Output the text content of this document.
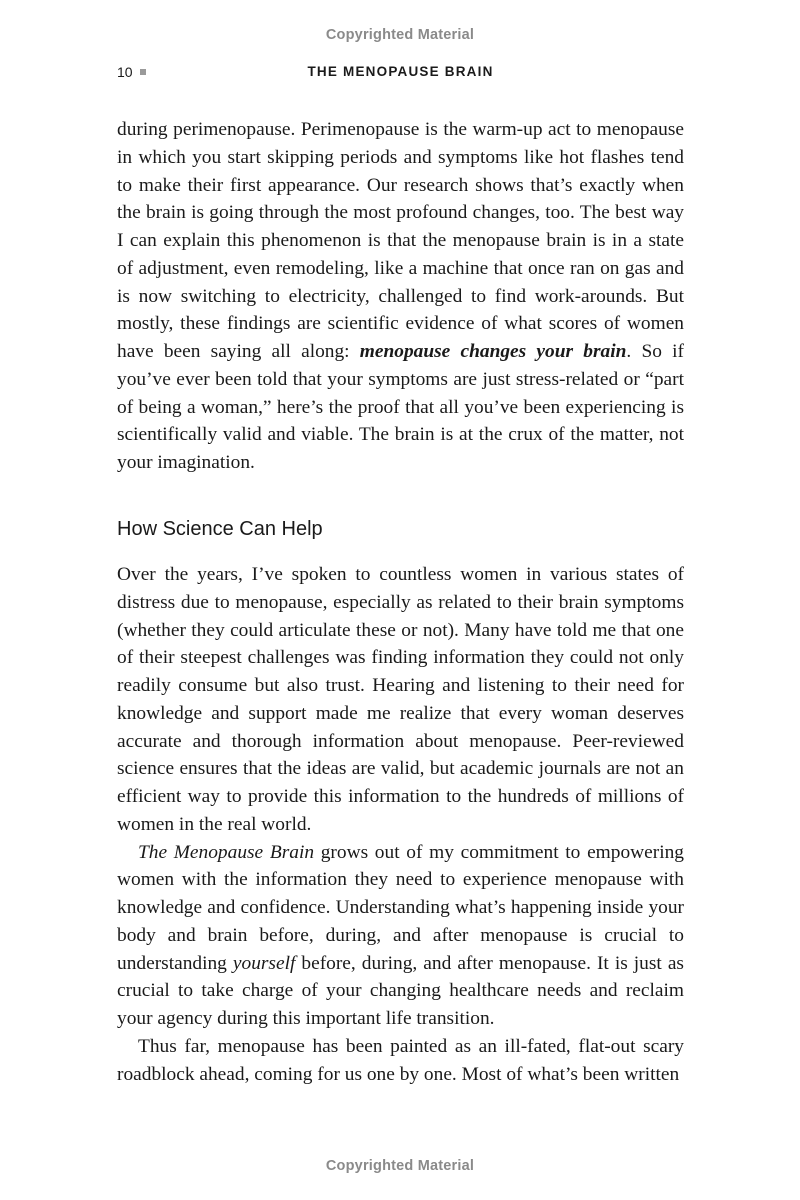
Copyrighted Material
10	THE MENOPAUSE BRAIN

during perimenopause. Perimenopause is the warm-up act to menopause in which you start skipping periods and symptoms like hot flashes tend to make their first appearance. Our research shows that’s exactly when the brain is going through the most profound changes, too. The best way I can explain this phenomenon is that the menopause brain is in a state of adjustment, even remodeling, like a machine that once ran on gas and is now switching to electricity, challenged to find work-arounds. But mostly, these findings are scientific evidence of what scores of women have been saying all along: menopause changes your brain. So if you’ve ever been told that your symptoms are just stress-related or “part of being a woman,” here’s the proof that all you’ve been experiencing is scientifically valid and viable. The brain is at the crux of the matter, not your imagination.

How Science Can Help

Over the years, I’ve spoken to countless women in various states of distress due to menopause, especially as related to their brain symptoms (whether they could articulate these or not). Many have told me that one of their steepest challenges was finding information they could not only readily consume but also trust. Hearing and listening to their need for knowledge and support made me realize that every woman deserves accurate and thorough information about menopause. Peer-reviewed science ensures that the ideas are valid, but academic journals are not an efficient way to provide this information to the hundreds of millions of women in the real world.

The Menopause Brain grows out of my commitment to empowering women with the information they need to experience menopause with knowledge and confidence. Understanding what’s happening inside your body and brain before, during, and after menopause is crucial to understanding yourself before, during, and after menopause. It is just as crucial to take charge of your changing healthcare needs and reclaim your agency during this important life transition.

Thus far, menopause has been painted as an ill-fated, flat-out scary roadblock ahead, coming for us one by one. Most of what’s been written

Copyrighted Material
